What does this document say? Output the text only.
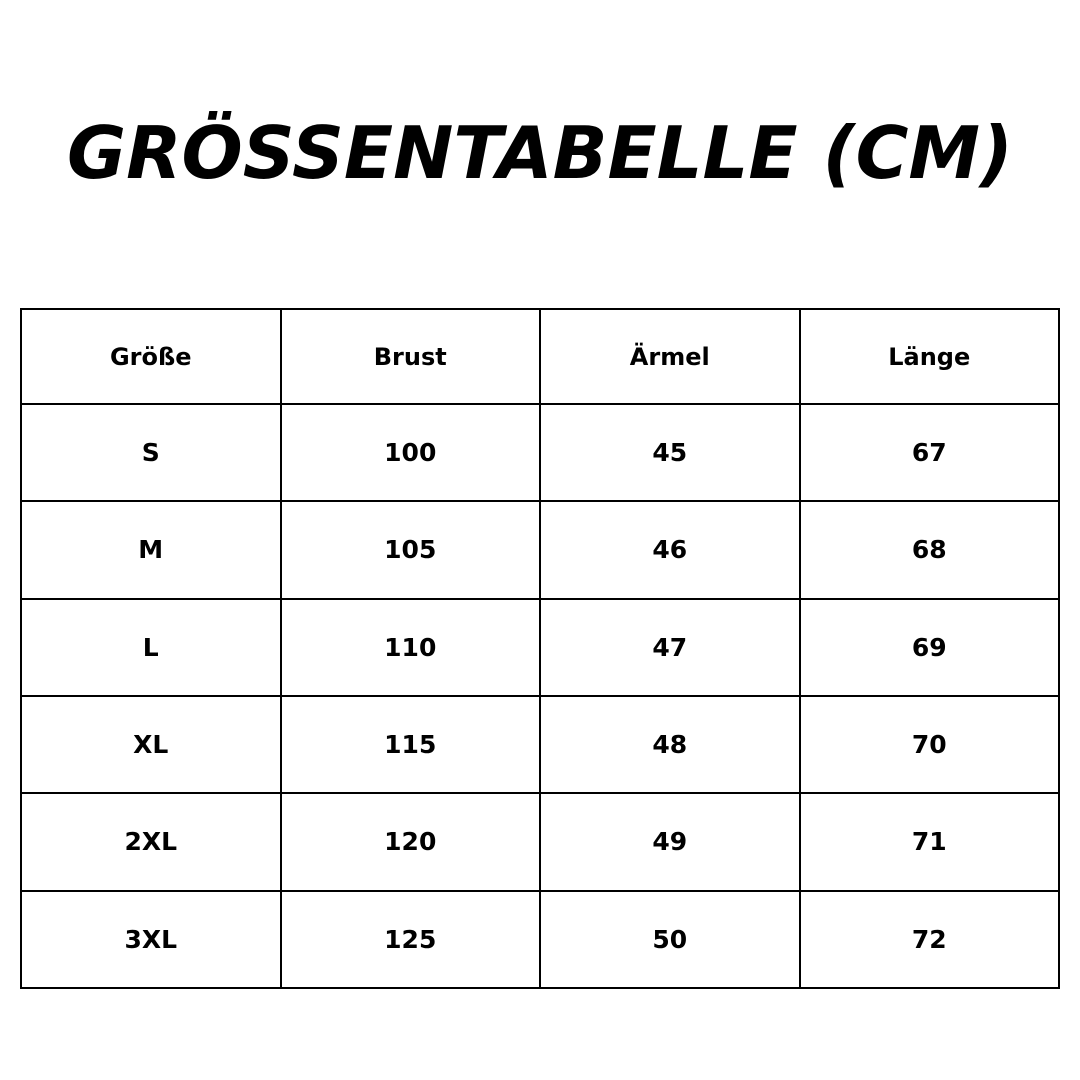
GRÖSSENTABELLE (CM)
Größe	Brust	Ärmel	Länge
S	100	45	67
M	105	46	68
L	110	47	69
XL	115	48	70
2XL	120	49	71
3XL	125	50	72
